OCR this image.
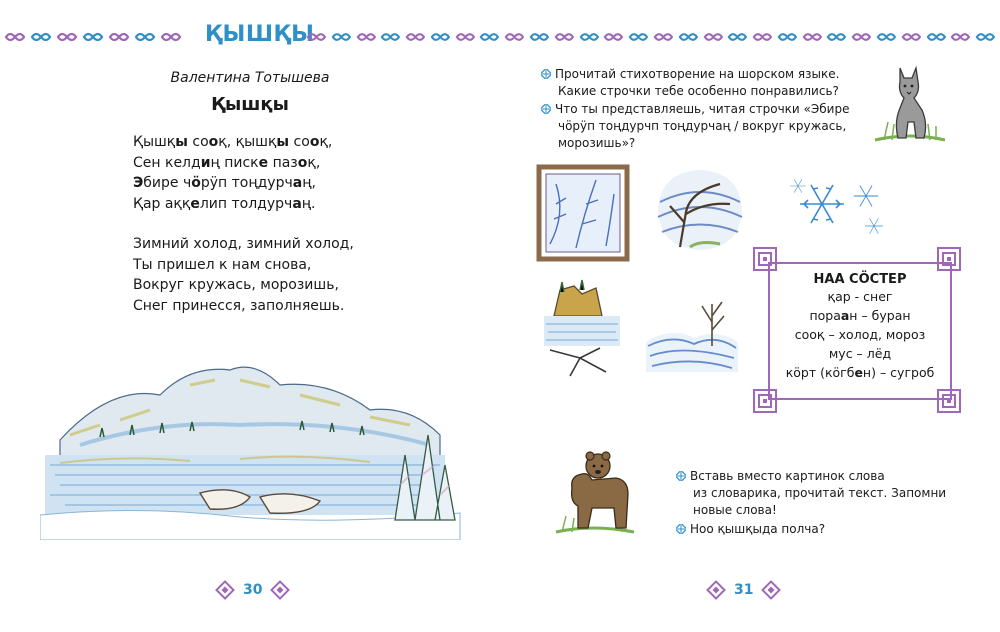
ҚЫШҚЫ
Валентина Тотышева
Қышқы
Қышқы сооқ, қышқы сооқ,
Сен келдиң писке пазоқ,
Эбире чӧрӱп тоңдурчаң,
Қар аққелип толдурчаң.
Зимний холод, зимний холод,
Ты пришел к нам снова,
Вокруг кружась, морозишь,
Снег принесся, заполняешь.
30
Прочитай стихотворение на шорском языке.
Какие строчки тебе особенно понравились?
Что ты представляешь, читая строчки «Эбире
чӧрӱп тоңдурчп тоңдурчаң / вокруг кружась,
морозишь»?
НАА СӦСТЕР
қар - снег
пораан – буран
сооқ – холод, мороз
мус – лёд
кӧрт (кӧгбен) – сугроб
Вставь вместо картинок слова
из словарика, прочитай текст. Запомни
новые слова!
Ноо қышқыда полча?
31
